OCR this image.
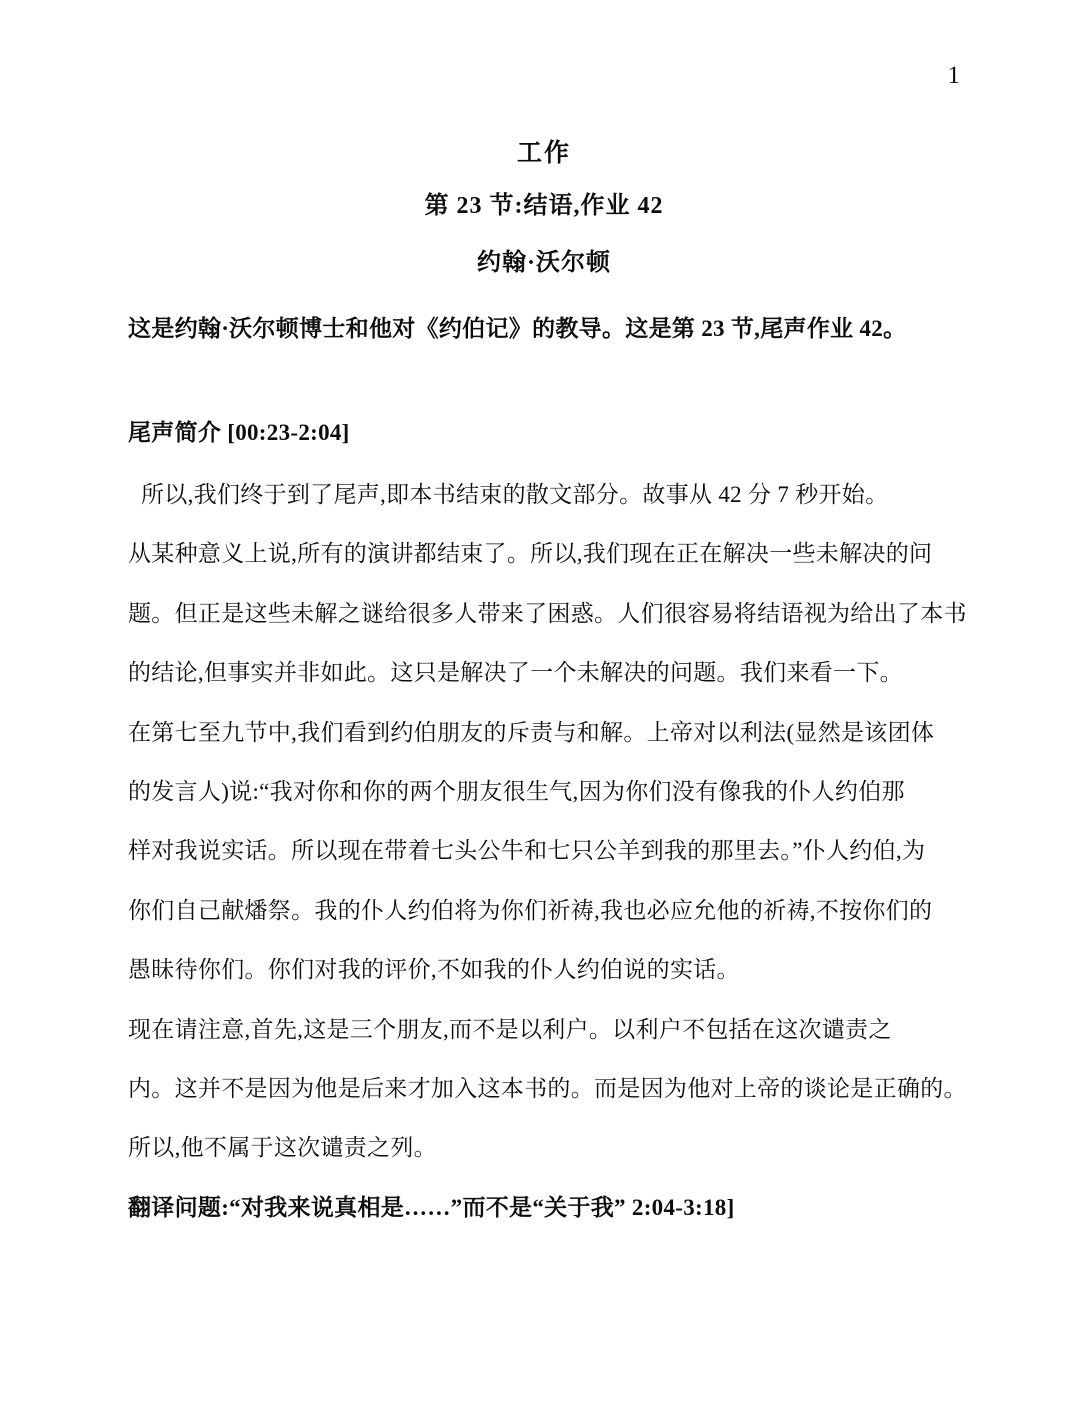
1
工作
第 23 节:结语,作业 42
约翰·沃尔顿
这是约翰·沃尔顿博士和他对《约伯记》的教导。这是第 23 节,尾声作业 42。
尾声简介 [00:23-2:04]
所以,我们终于到了尾声,即本书结束的散文部分。故事从 42 分 7 秒开始。
从某种意义上说,所有的演讲都结束了。所以,我们现在正在解决一些未解决的问
题。但正是这些未解之谜给很多人带来了困惑。人们很容易将结语视为给出了本书
的结论,但事实并非如此。这只是解决了一个未解决的问题。我们来看一下。
在第七至九节中,我们看到约伯朋友的斥责与和解。上帝对以利法(显然是该团体
的发言人)说:“我对你和你的两个朋友很生气,因为你们没有像我的仆人约伯那
样对我说实话。所以现在带着七头公牛和七只公羊到我的那里去。”仆人约伯,为
你们自己献燔祭。我的仆人约伯将为你们祈祷,我也必应允他的祈祷,不按你们的
愚昧待你们。你们对我的评价,不如我的仆人约伯说的实话。
现在请注意,首先,这是三个朋友,而不是以利户。以利户不包括在这次谴责之
内。这并不是因为他是后来才加入这本书的。而是因为他对上帝的谈论是正确的。
所以,他不属于这次谴责之列。
翻译问题:“对我来说真相是……”而不是“关于我” 2:04-3:18]
